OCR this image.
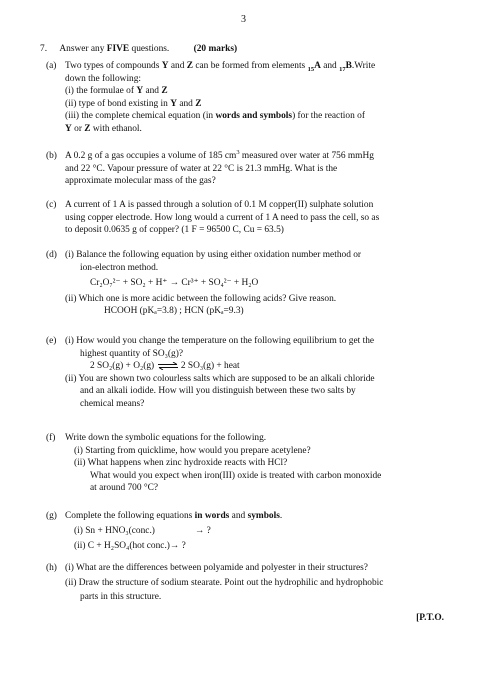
3
7. Answer any FIVE questions.	(20 marks)
(a) Two types of compounds Y and Z can be formed from elements $_{15}$A and $_{17}$B.Write
down the following:
(i) the formulae of Y and Z
(ii) type of bond existing in Y and Z
(iii) the complete chemical equation (in words and symbols) for the reaction of
Y or Z with ethanol.
(b) A 0.2 g of a gas occupies a volume of 185 $cm^3$ measured over water at 756 mmHg
and 22 °C. Vapour pressure of water at 22 °C is 21.3 mmHg. What is the
approximate molecular mass of the gas?
(c) A current of 1 A is passed through a solution of 0.1 M copper(II) sulphate solution
using copper electrode. How long would a current of 1 A need to pass the cell, so as
to deposit 0.0635 g of copper? (1 F = 96500 C, Cu = 63.5)
(d) (i) Balance the following equation by using either oxidation number method or
ion-electron method.
Cr₂O₇²⁻ + SO₂ + H⁺ → Cr³⁺ + SO₄²⁻ + H₂O
(ii) Which one is more acidic between the following acids? Give reason.
HCOOH (pKₐ=3.8) ; HCN (pKₐ=9.3)
(e) (i) How would you change the temperature on the following equilibrium to get the
highest quantity of SO₃(g)?
2 SO₂(g) + O₂(g) ⇌ 2 SO₃(g) + heat
(ii) You are shown two colourless salts which are supposed to be an alkali chloride
and an alkali iodide. How will you distinguish between these two salts by
chemical means?
(f) Write down the symbolic equations for the following.
(i) Starting from quicklime, how would you prepare acetylene?
(ii) What happens when zinc hydroxide reacts with HCl?
What would you expect when iron(III) oxide is treated with carbon monoxide
at around 700 °C?
(g) Complete the following equations in words and symbols.
(i) Sn + HNO₃(conc.)	→ ?
(ii) C + H₂SO₄(hot conc.)→ ?
(h) (i) What are the differences between polyamide and polyester in their structures?
(ii) Draw the structure of sodium stearate. Point out the hydrophilic and hydrophobic
parts in this structure.
[P.T.O.
